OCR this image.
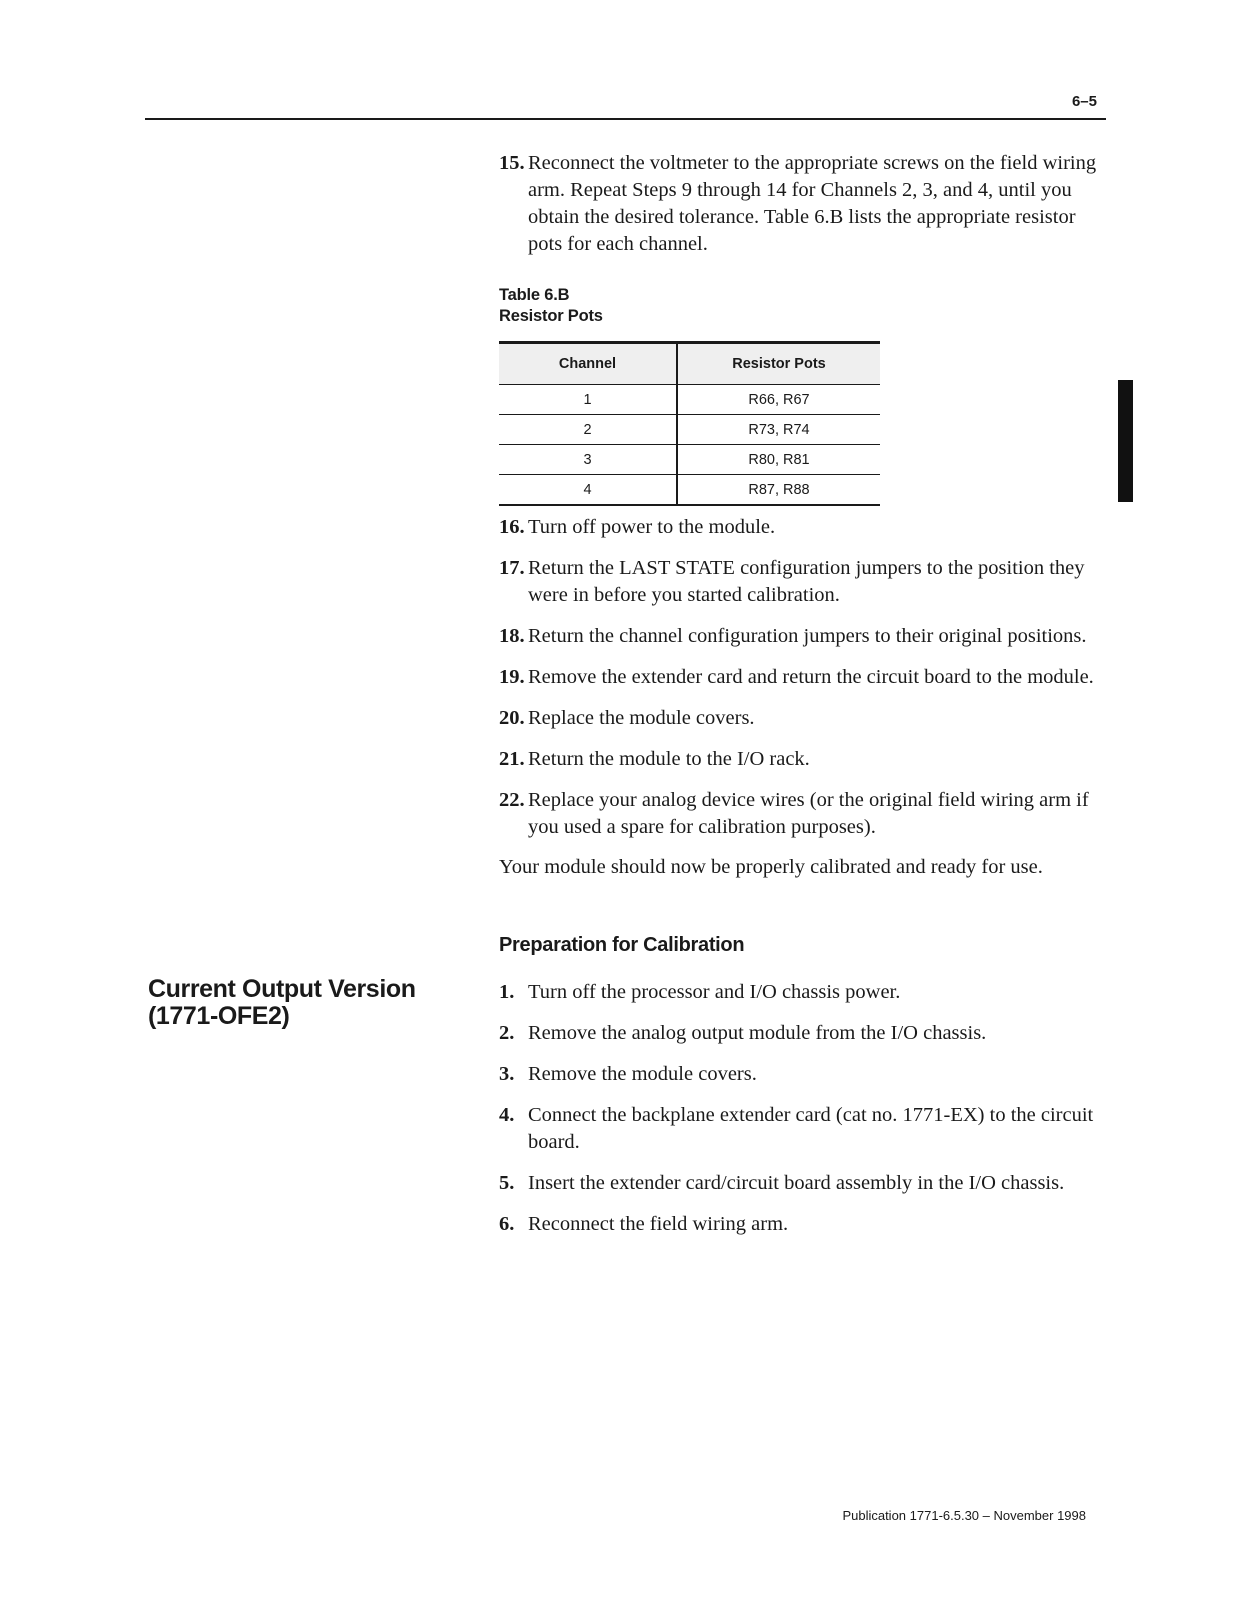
6–5
Current Output Version
(1771-OFE2)
15. Reconnect the voltmeter to the appropriate screws on the field wiring arm. Repeat Steps 9 through 14 for Channels 2, 3, and 4, until you obtain the desired tolerance. Table 6.B lists the appropriate resistor pots for each channel.

Table 6.B

Resistor Pots

Channel	Resistor Pots
1	R66, R67
2	R73, R74
3	R80, R81
4	R87, R88
16. Turn off power to the module.
17. Return the LAST STATE configuration jumpers to the position they were in before you started calibration.
18. Return the channel configuration jumpers to their original positions.
19. Remove the extender card and return the circuit board to the module.
20. Replace the module covers.
21. Return the module to the I/O rack.
22. Replace your analog device wires (or the original field wiring arm if you used a spare for calibration purposes).

Your module should now be properly calibrated and ready for use.

Preparation for Calibration
1. Turn off the processor and I/O chassis power.
2. Remove the analog output module from the I/O chassis.
3. Remove the module covers.
4. Connect the backplane extender card (cat no. 1771-EX) to the circuit board.
5. Insert the extender card/circuit board assembly in the I/O chassis.
6. Reconnect the field wiring arm.
Publication 1771-6.5.30 – November 1998
